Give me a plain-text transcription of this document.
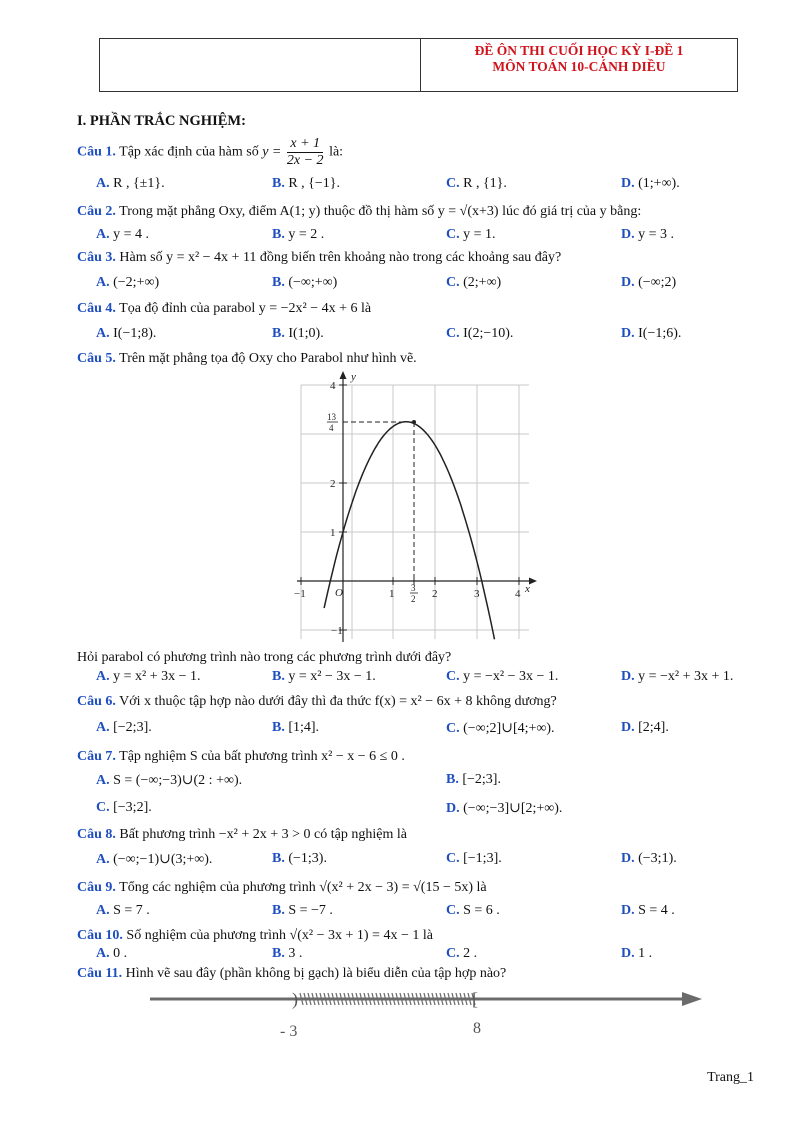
ĐỀ ÔN THI CUỐI HỌC KỲ I-ĐỀ 1
MÔN TOÁN 10-CÁNH DIỀU
I. PHẦN TRẮC NGHIỆM:
Câu 1. Tập xác định của hàm số $y = \frac{x + 1}{2x - 2}$ là:
A. R , {±1}.	B. R , {−1}.	C. R , {1}.	D. (1;+∞).
Câu 2. Trong mặt phẳng Oxy, điểm A(1; y) thuộc đồ thị hàm số y = √(x+3) lúc đó giá trị của y bằng:
A. y = 4 .	B. y = 2 .	C. y = 1.	D. y = 3 .
Câu 3. Hàm số y = x² − 4x + 11 đồng biến trên khoảng nào trong các khoảng sau đây?
A. (−2;+∞)	B. (−∞;+∞)	C. (2;+∞)	D. (−∞;2)
Câu 4. Tọa độ đỉnh của parabol y = −2x² − 4x + 6 là
A. I(−1;8).	B. I(1;0).	C. I(2;−10).	D. I(−1;6).
Câu 5. Trên mặt phẳng tọa độ Oxy cho Parabol như hình vẽ.
y
x
O
−1	1	2	3	4
4
2
1
−1
3
2
13
4
Hỏi parabol có phương trình nào trong các phương trình dưới đây?
A. y = x² + 3x − 1.	B. y = x² − 3x − 1.	C. y = −x² − 3x − 1.	D. y = −x² + 3x + 1.
Câu 6. Với x thuộc tập hợp nào dưới đây thì đa thức f(x) = x² − 6x + 8 không dương?
A. [−2;3].	B. [1;4].	C. (−∞;2]∪[4;+∞).	D. [2;4].
Câu 7. Tập nghiệm S của bất phương trình x² − x − 6 ≤ 0 .
A. S = (−∞;−3)∪(2 : +∞).	B. [−2;3].
C. [−3;2].	D. (−∞;−3]∪[2;+∞).
Câu 8. Bất phương trình −x² + 2x + 3 > 0 có tập nghiệm là
A. (−∞;−1)∪(3;+∞).	B. (−1;3).	C. [−1;3].	D. (−3;1).
Câu 9. Tổng các nghiệm của phương trình √(x² + 2x − 3) = √(15 − 5x) là
A. S = 7 .	B. S = −7 .	C. S = 6 .	D. S = 4 .
Câu 10. Số nghiệm của phương trình √(x² − 3x + 1) = 4x − 1 là
A. 0 .	B. 3 .	C. 2 .	D. 1 .
Câu 11. Hình vẽ sau đây (phần không bị gạch) là biểu diễn của tập hợp nào?
)	[
- 3	8
Trang_1
